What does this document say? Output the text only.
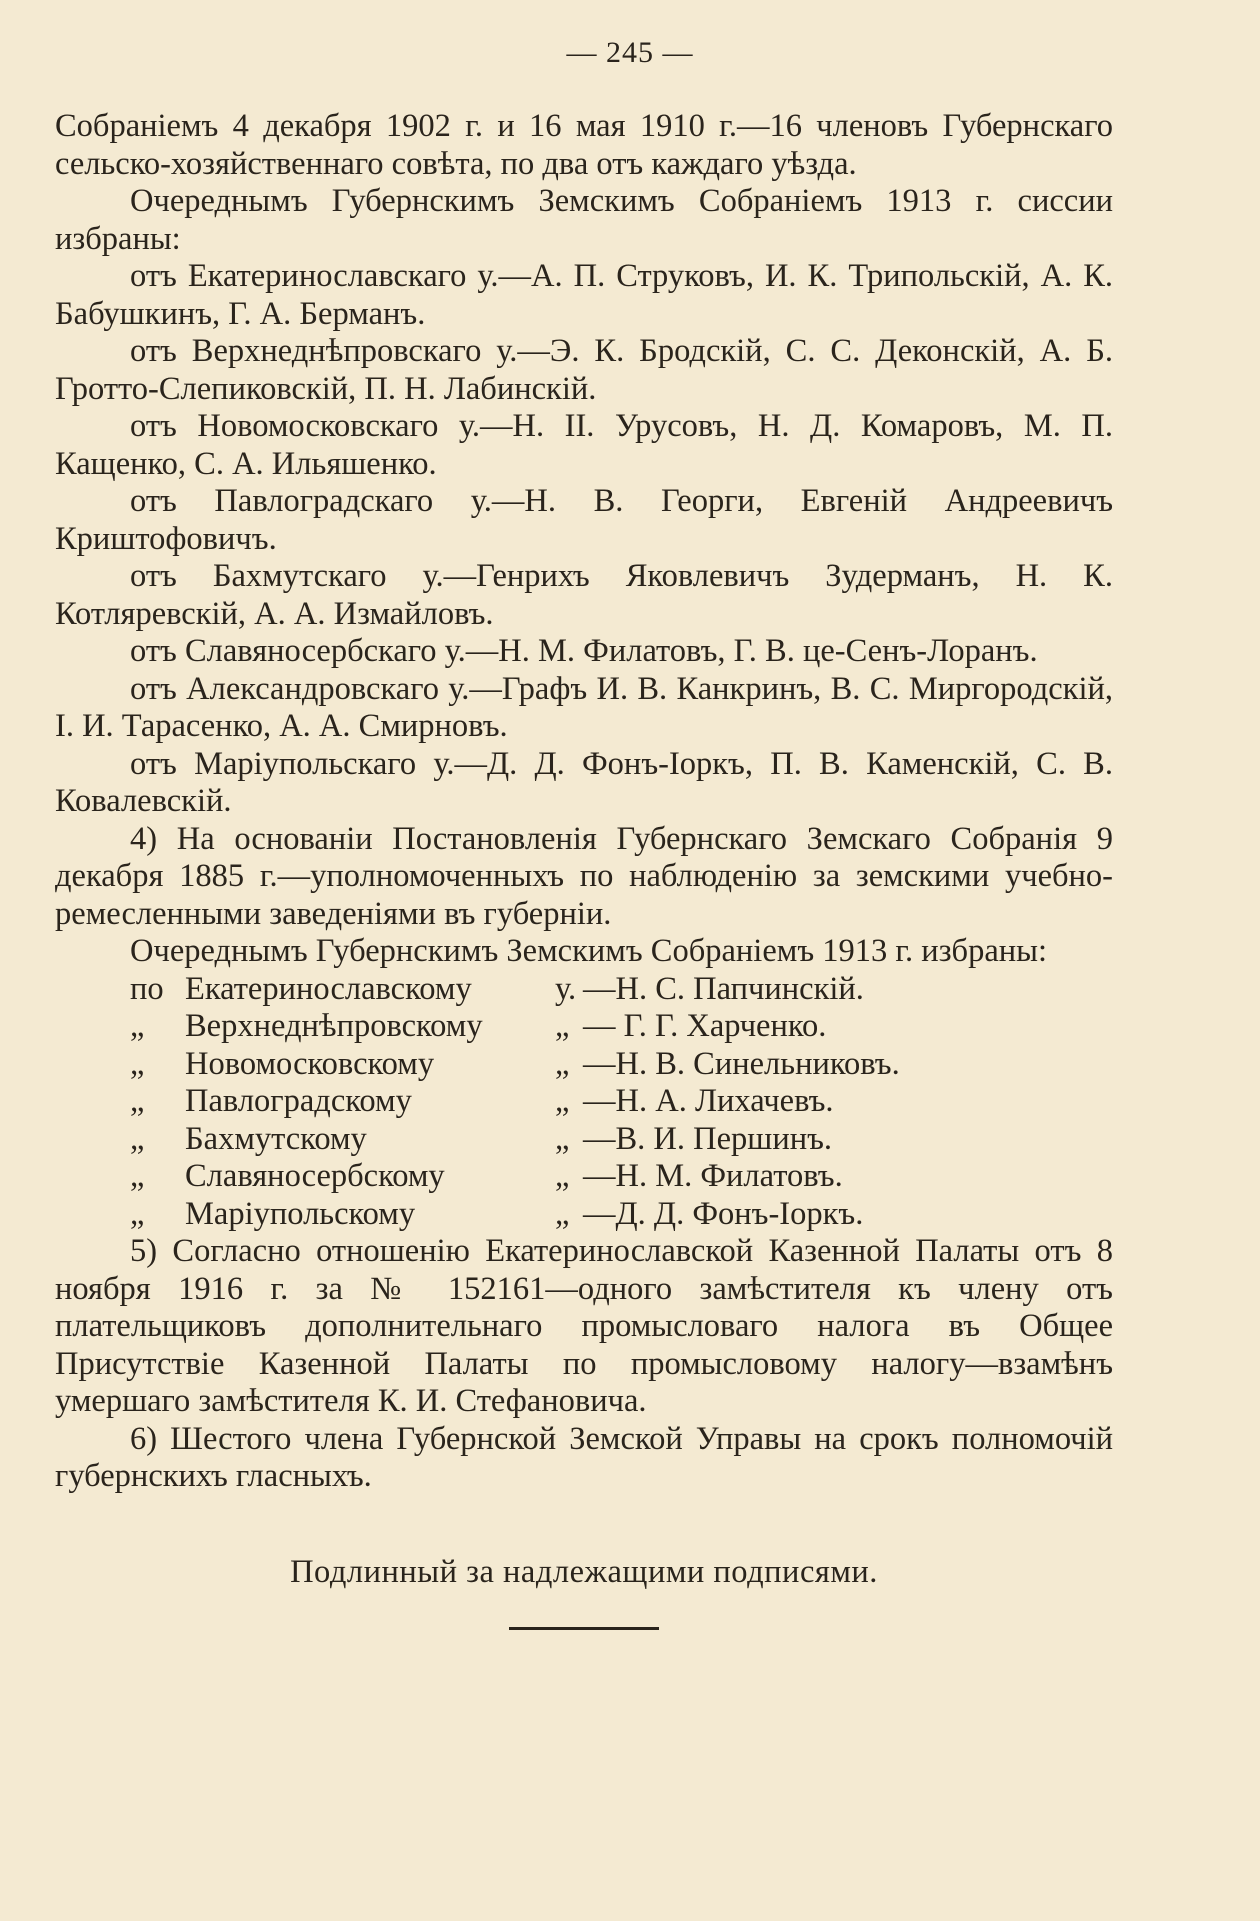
— 245 —

Собраніемъ 4 декабря 1902 г. и 16 мая 1910 г.—16 членовъ Губернскаго сельско-хозяйственнаго совѣта, по два отъ каждаго уѣзда.

Очереднымъ Губернскимъ Земскимъ Собраніемъ 1913 г. сиссии избраны:

отъ Екатеринославскаго у.—А. П. Струковъ, И. К. Трипольскій, А. К. Бабушкинъ, Г. А. Берманъ.

отъ Верхнеднѣпровскаго у.—Э. К. Бродскій, С. С. Деконскій, А. Б. Гротто-Слепиковскій, П. Н. Лабинскій.

отъ Новомосковскаго у.—Н. II. Урусовъ, Н. Д. Комаровъ, М. П. Кащенко, С. А. Ильяшенко.

отъ Павлоградскаго у.—Н. В. Георги, Евгеній Андреевичъ Криштофовичъ.

отъ Бахмутскаго у.—Генрихъ Яковлевичъ Зудерманъ, Н. К. Котляревскій, А. А. Измайловъ.

отъ Славяносербскаго у.—Н. М. Филатовъ, Г. В. це-Сенъ-Лоранъ.

отъ Александровскаго у.—Графъ И. В. Канкринъ, В. С. Миргородскій, І. И. Тарасенко, А. А. Смирновъ.

отъ Маріупольскаго у.—Д. Д. Фонъ-Іоркъ, П. В. Каменскій, С. В. Ковалевскій.

4) На основаніи Постановленія Губернскаго Земскаго Собранія 9 декабря 1885 г.—уполномоченныхъ по наблюденію за земскими учебно-ремесленными заведеніями въ губерніи.

Очереднымъ Губернскимъ Земскимъ Собраніемъ 1913 г. избраны:

по Екатеринославскому	у. —Н. С. Папчинскій.
„	Верхнеднѣпровскому	„ — Г. Г. Харченко.
„	Новомосковскому	„ —Н. В. Синельниковъ.
„	Павлоградскому	„ —Н. А. Лихачевъ.
„	Бахмутскому	„ —В. И. Першинъ.
„	Славяносербскому	„ —Н. М. Филатовъ.
„	Маріупольскому	„ —Д. Д. Фонъ-Іоркъ.

5) Согласно отношенію Екатеринославской Казенной Палаты отъ 8 ноября 1916 г. за № 152161—одного замѣстителя къ члену отъ плательщиковъ дополнительнаго промысловаго налога въ Общее Присутствіе Казенной Палаты по промысловому налогу—взамѣнъ умершаго замѣстителя К. И. Стефановича.

6) Шестого члена Губернской Земской Управы на срокъ полномочій губернскихъ гласныхъ.

Подлинный за надлежащими подписями.
